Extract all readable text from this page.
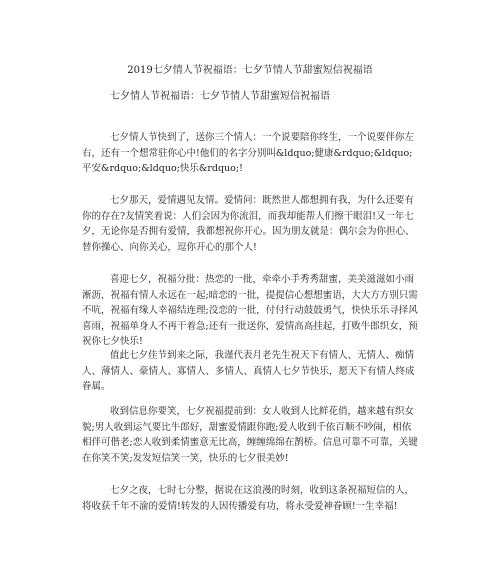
2019七夕情人节祝福语：七夕节情人节甜蜜短信祝福语

七夕情人节祝福语：七夕节情人节甜蜜短信祝福语

七夕情人节快到了，送你三个情人：一个说要陪你终生，一个说要伴你左右，还有一个想常驻你心中!他们的名字分别叫&ldquo;健康&rdquo;&ldquo;平安&rdquo;&ldquo;快乐&rdquo;!

七夕那天，爱情遇见友情。爱情问：既然世人都想拥有我，为什么还要有你的存在?友情笑着说：人们会因为你流泪，而我却能帮人们擦干眼泪!又一年七夕，无论你是否拥有爱情，我都想祝你开心。因为朋友就是：偶尔会为你担心、替你操心、向你关心，逗你开心的那个人!

喜迎七夕，祝福分批：热恋的一批，牵牵小手秀秀甜蜜，美美滋滋如小雨淅沥，祝福有情人永远在一起;暗恋的一批，提提信心想想蜜语，大大方方别只需不吭，祝福有缘人幸福结连理;没恋的一批，付付行动鼓鼓勇气，快快乐乐寻择风喜雨，祝福单身人不再干着急;还有一批送你，爱情高高挂起，打败牛郎织女，预祝你七夕快乐!

值此七夕佳节到来之际，我谨代表月老先生祝天下有情人、无情人、痴情人、薄情人、豪情人、寡情人、多情人、真情人七夕节快乐，愿天下有情人终成眷属。

收到信息你要笑，七夕祝福提前到：女人收到人比鲜花俏，越来越有织女貌;男人收到运气要比牛郎好，甜蜜爱情跟你跑;爱人收到千依百顺不吵闹，相依相伴可偕老;恋人收到柔情蜜意无比高，缠缠绵绵在鹊桥。信息可靠不可靠，关键在你笑不笑;发发短信笑一笑，快乐的七夕很美妙!

七夕之夜，七时七分整，据说在这浪漫的时刻，收到这条祝福短信的人，将收获千年不渝的爱情!转发的人因传播爱有功，将永受爱神眷顾!一生幸福!
